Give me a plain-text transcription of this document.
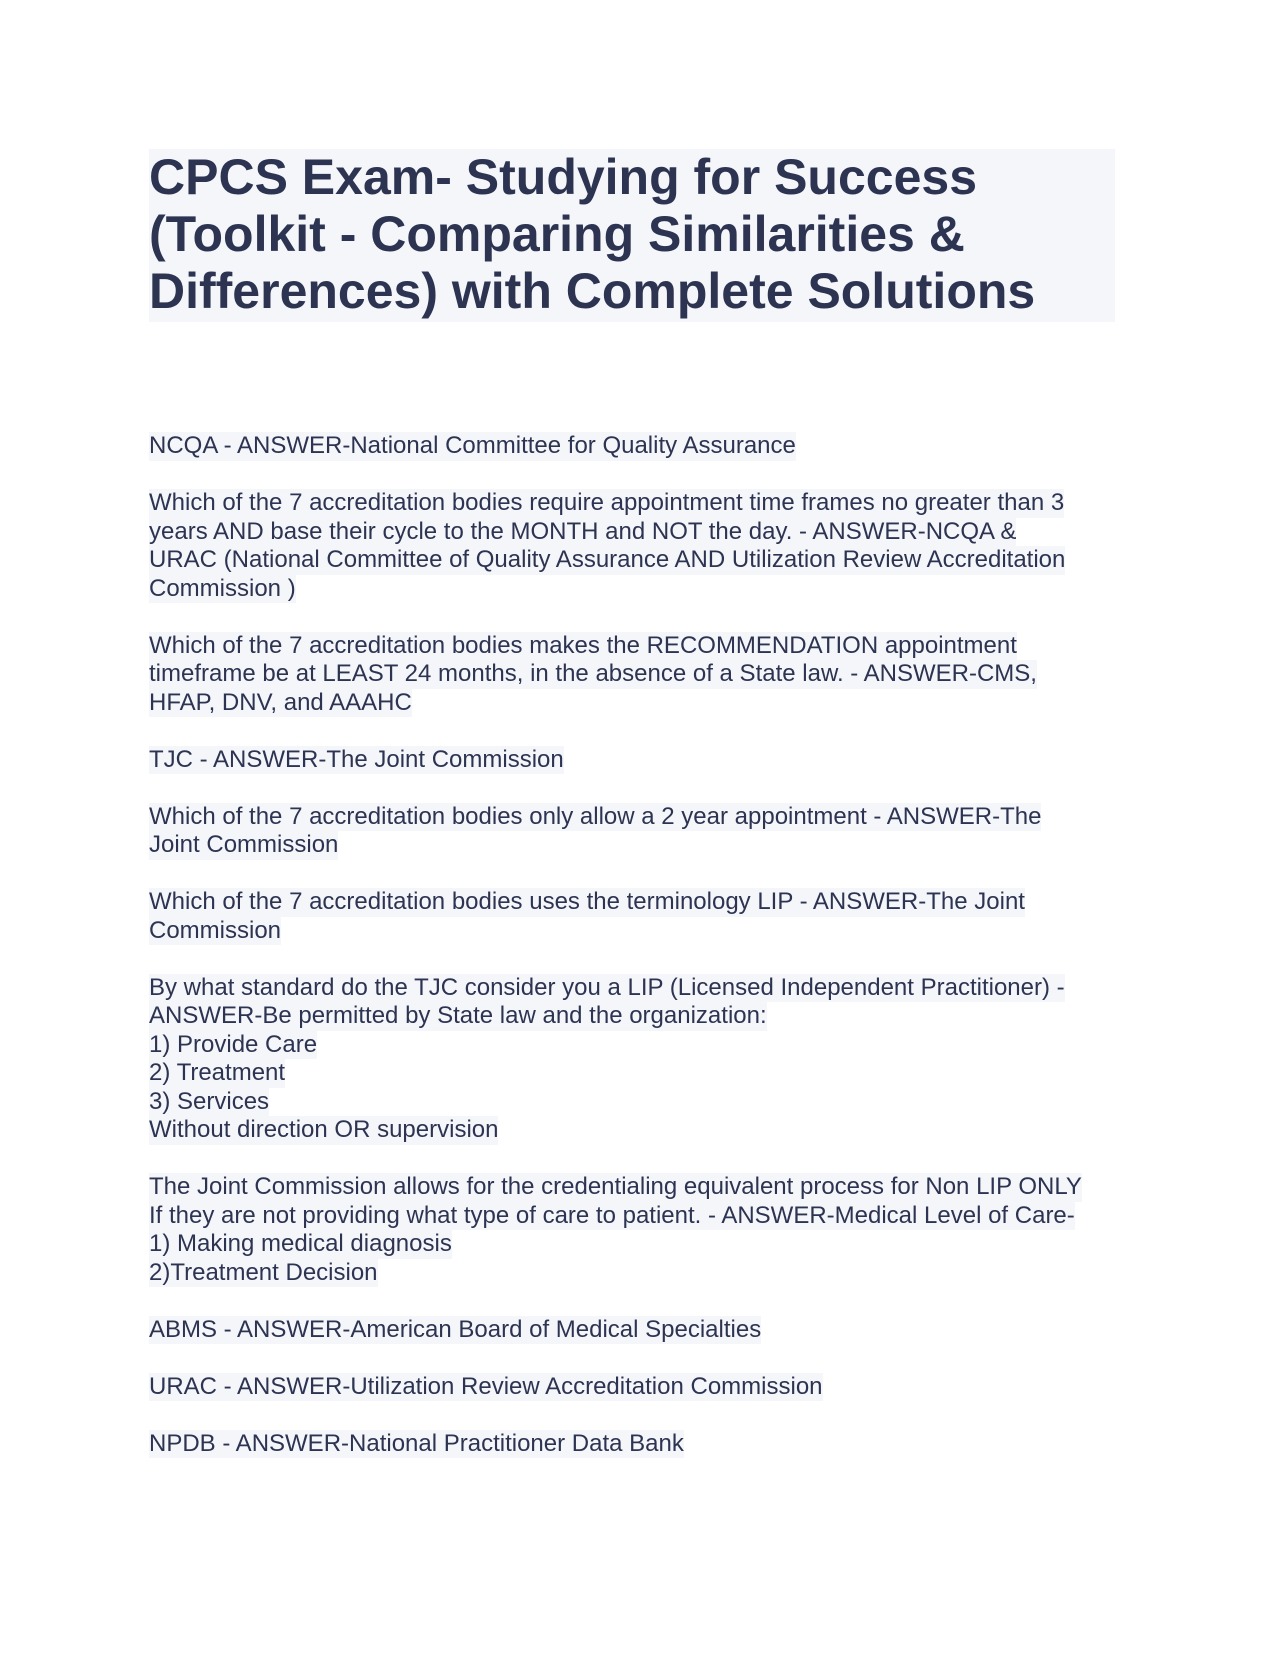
CPCS Exam- Studying for Success
(Toolkit - Comparing Similarities &
Differences) with Complete Solutions
NCQA - ANSWER-National Committee for Quality Assurance
Which of the 7 accreditation bodies require appointment time frames no greater than 3
years AND base their cycle to the MONTH and NOT the day. - ANSWER-NCQA &
URAC (National Committee of Quality Assurance AND Utilization Review Accreditation
Commission )
Which of the 7 accreditation bodies makes the RECOMMENDATION appointment
timeframe be at LEAST 24 months, in the absence of a State law. - ANSWER-CMS,
HFAP, DNV, and AAAHC
TJC - ANSWER-The Joint Commission
Which of the 7 accreditation bodies only allow a 2 year appointment - ANSWER-The
Joint Commission
Which of the 7 accreditation bodies uses the terminology LIP - ANSWER-The Joint
Commission
By what standard do the TJC consider you a LIP (Licensed Independent Practitioner) -
ANSWER-Be permitted by State law and the organization:
1) Provide Care
2) Treatment
3) Services
Without direction OR supervision
The Joint Commission allows for the credentialing equivalent process for Non LIP ONLY
If they are not providing what type of care to patient. - ANSWER-Medical Level of Care-
1) Making medical diagnosis
2)Treatment Decision
ABMS - ANSWER-American Board of Medical Specialties
URAC - ANSWER-Utilization Review Accreditation Commission
NPDB - ANSWER-National Practitioner Data Bank
